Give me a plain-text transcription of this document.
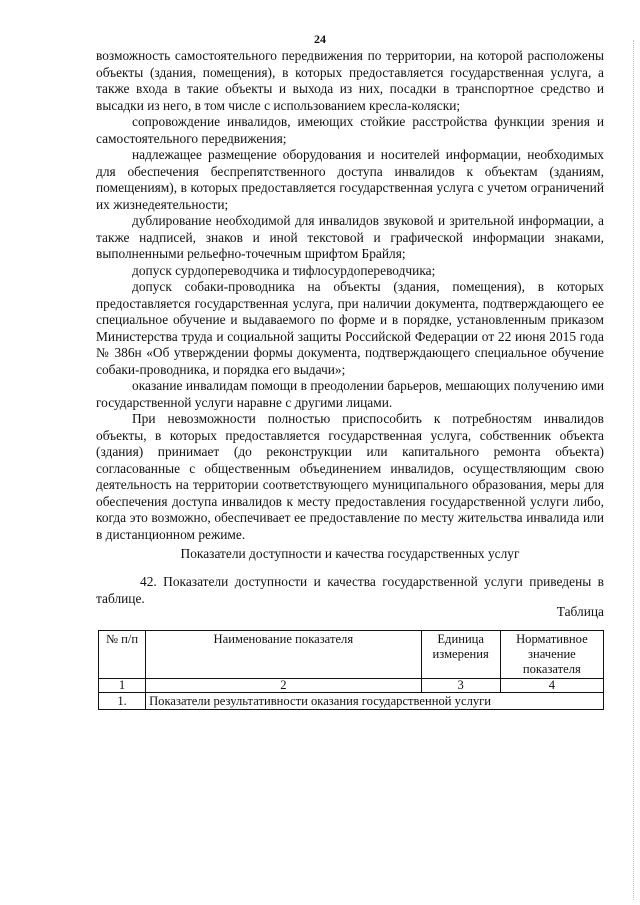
24

возможность самостоятельного передвижения по территории, на которой расположены объекты (здания, помещения), в которых предоставляется государственная услуга, а также входа в такие объекты и выхода из них, посадки в транспортное средство и высадки из него, в том числе с использованием кресла-коляски;

сопровождение инвалидов, имеющих стойкие расстройства функции зрения и самостоятельного передвижения;

надлежащее размещение оборудования и носителей информации, необходимых для обеспечения беспрепятственного доступа инвалидов к объектам (зданиям, помещениям), в которых предоставляется государственная услуга с учетом ограничений их жизнедеятельности;

дублирование необходимой для инвалидов звуковой и зрительной информации, а также надписей, знаков и иной текстовой и графической информации знаками, выполненными рельефно-точечным шрифтом Брайля;

допуск сурдопереводчика и тифлосурдопереводчика;

допуск собаки-проводника на объекты (здания, помещения), в которых предоставляется государственная услуга, при наличии документа, подтверждающего ее специальное обучение и выдаваемого по форме и в порядке, установленным приказом Министерства труда и социальной защиты Российской Федерации от 22 июня 2015 года № 386н «Об утверждении формы документа, подтверждающего специальное обучение собаки-проводника, и порядка его выдачи»;

оказание инвалидам помощи в преодолении барьеров, мешающих получению ими государственной услуги наравне с другими лицами.

При невозможности полностью приспособить к потребностям инвалидов объекты, в которых предоставляется государственная услуга, собственник объекта (здания) принимает (до реконструкции или капитального ремонта объекта) согласованные с общественным объединением инвалидов, осуществляющим свою деятельность на территории соответствующего муниципального образования, меры для обеспечения доступа инвалидов к месту предоставления государственной услуги либо, когда это возможно, обеспечивает ее предоставление по месту жительства инвалида или в дистанционном режиме.

Показатели доступности и качества государственных услуг

42. Показатели доступности и качества государственной услуги приведены в таблице.

Таблица
№ п/п	Наименование показателя	Единица измерения	Нормативное значение показателя
1	2	3	4
1.	Показатели результативности оказания государственной услуги		
